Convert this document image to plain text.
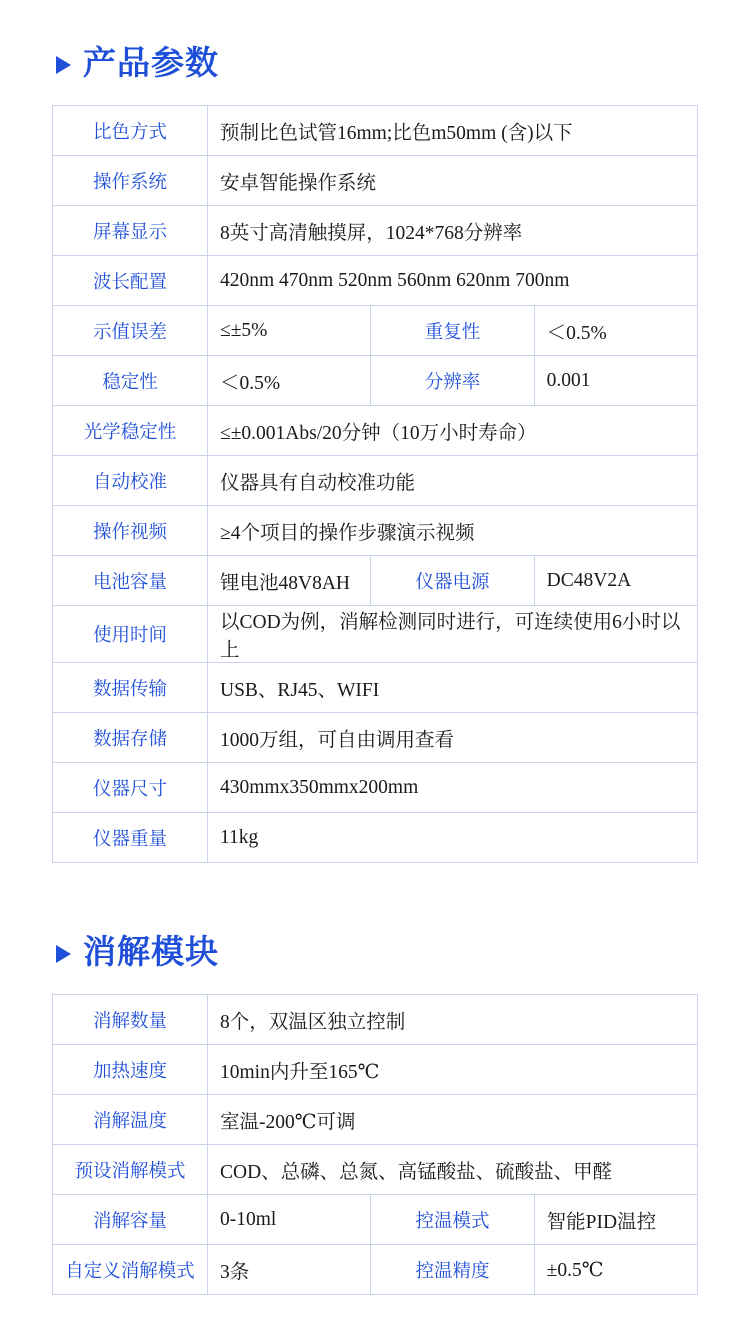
产品参数
比色方式	预制比色试管16mm;比色m50mm (含)以下		
操作系统	安卓智能操作系统		
屏幕显示	8英寸高清触摸屏，1024*768分辨率		
波长配置	420nm 470nm 520nm 560nm 620nm 700nm		
示值误差	≤±5%	重复性	＜0.5%
稳定性	＜0.5%	分辨率	0.001
光学稳定性	≤±0.001Abs/20分钟（10万小时寿命）		
自动校准	仪器具有自动校准功能		
操作视频	≥4个项目的操作步骤演示视频		
电池容量	锂电池48V8AH	仪器电源	DC48V2A
使用时间	以COD为例，消解检测同时进行，可连续使用6小时以上		
数据传输	USB、RJ45、WIFI		
数据存储	1000万组，可自由调用查看		
仪器尺寸	430mmx350mmx200mm		
仪器重量	11kg		
消解模块
消解数量	8个，双温区独立控制		
加热速度	10min内升至165℃		
消解温度	室温-200℃可调		
预设消解模式	COD、总磷、总氮、高锰酸盐、硫酸盐、甲醛		
消解容量	0-10ml	控温模式	智能PID温控
自定义消解模式	3条	控温精度	±0.5℃
